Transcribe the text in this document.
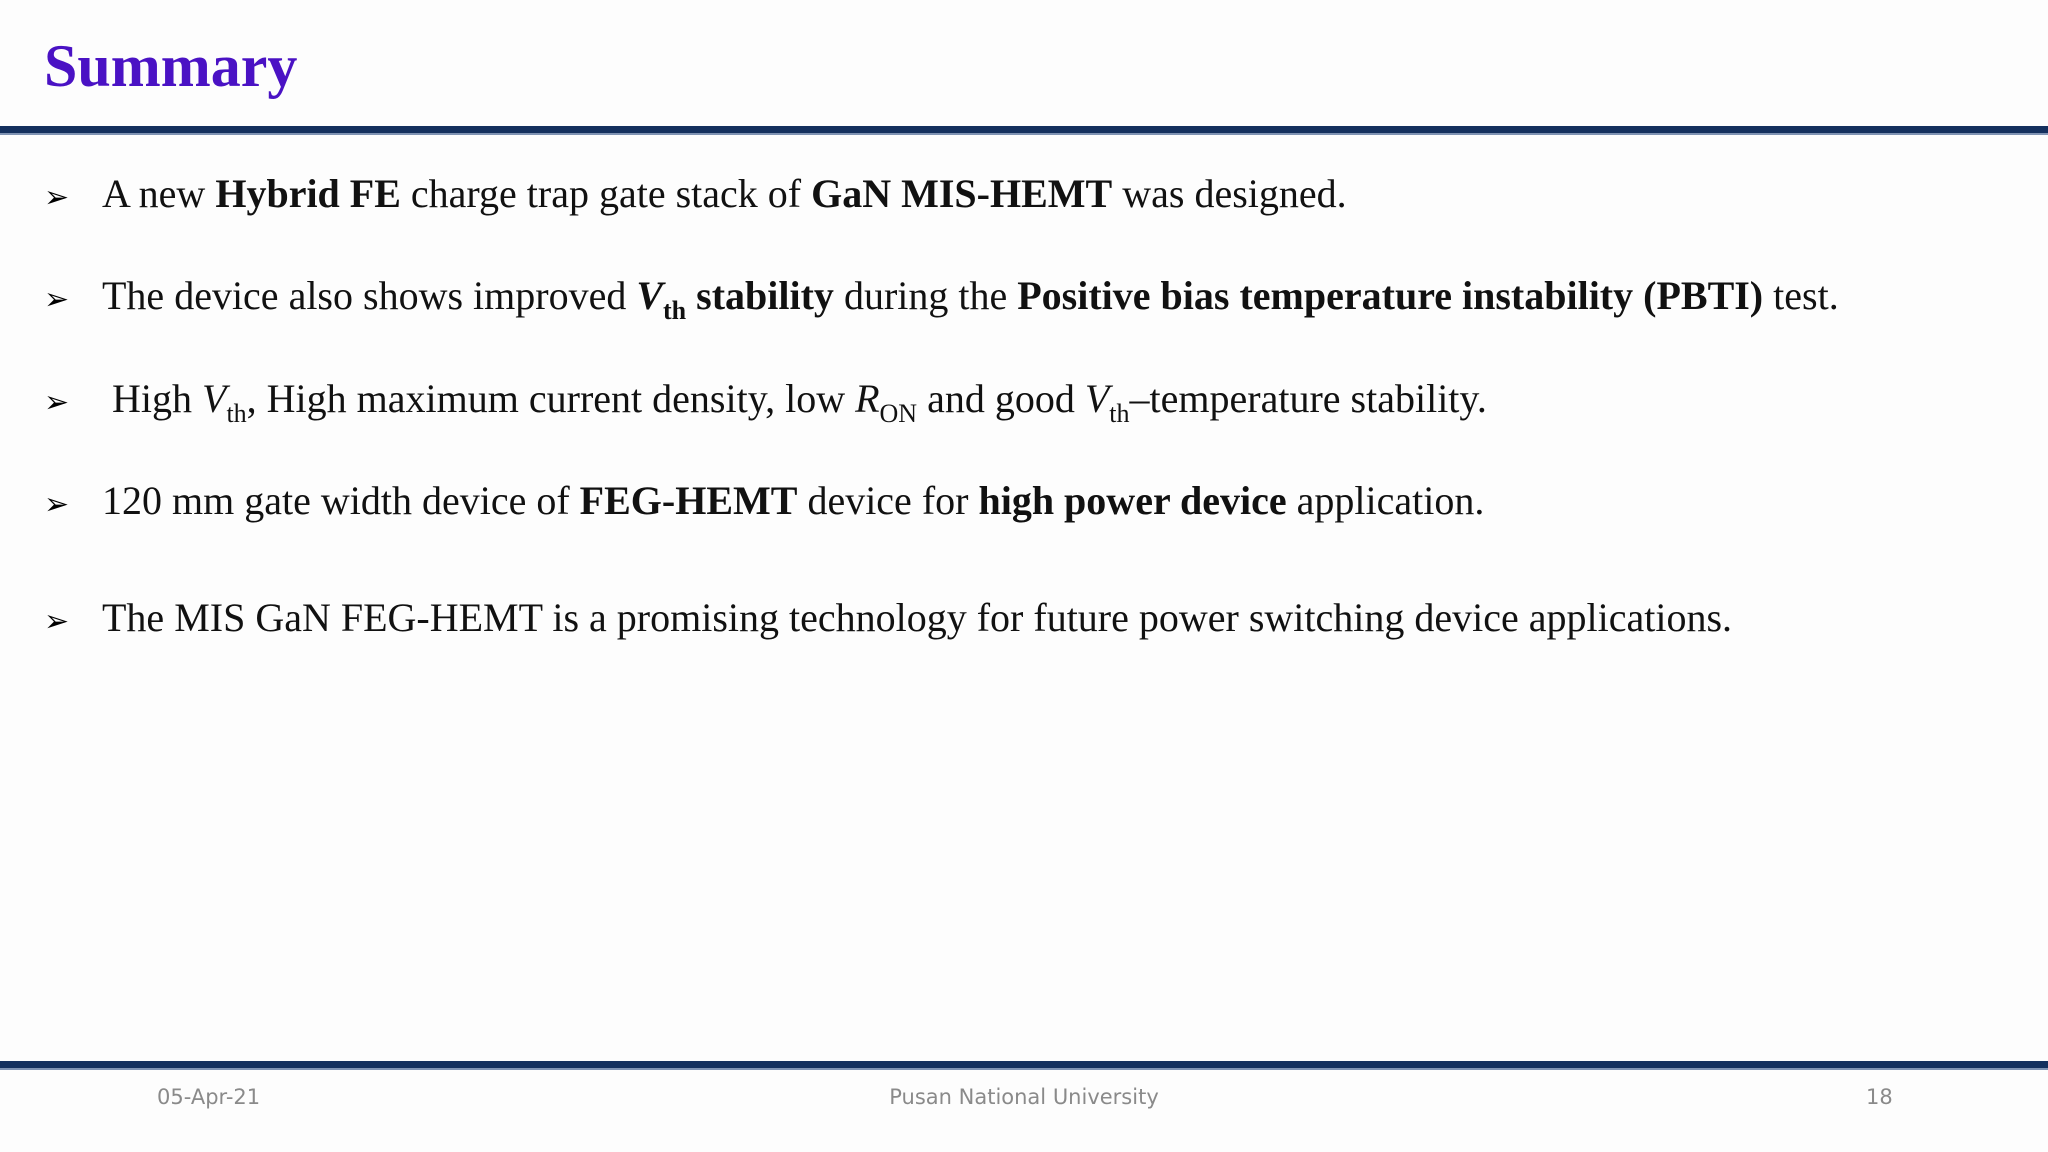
Summary
➢ A new Hybrid FE charge trap gate stack of GaN MIS-HEMT was designed.
➢ The device also shows improved $V_{th}$ stability during the Positive bias temperature instability (PBTI) test.
➢	High $V_{th}$, High maximum current density, low $R_{ON}$ and good $V_{th}$–temperature stability.
➢ 120 mm gate width device of FEG-HEMT device for high power device application.
➢ The MIS GaN FEG-HEMT is a promising technology for future power switching device applications.
05-Apr-21	Pusan National University	18
